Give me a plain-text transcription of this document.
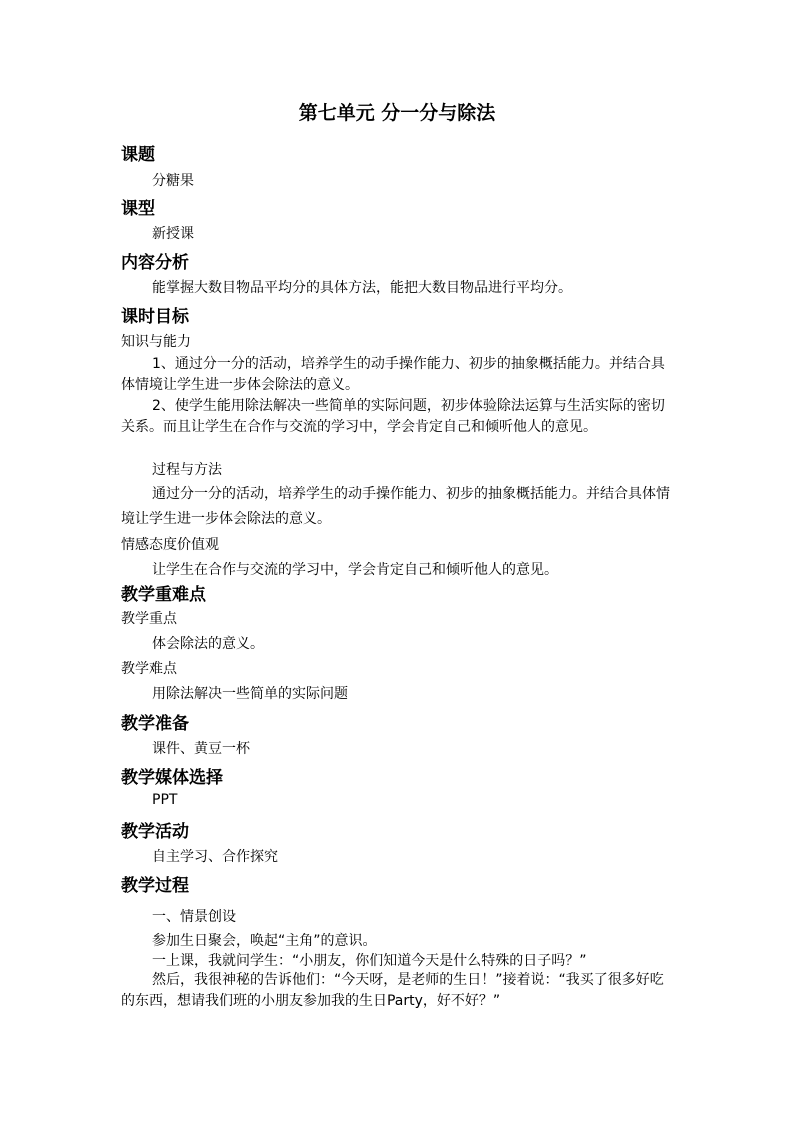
第七单元 分一分与除法
课题
分糖果
课型
新授课
内容分析
能掌握大数目物品平均分的具体方法，能把大数目物品进行平均分。
课时目标
知识与能力
1、通过分一分的活动，培养学生的动手操作能力、初步的抽象概括能力。并结合具体情境让学生进一步体会除法的意义。
2、使学生能用除法解决一些简单的实际问题，初步体验除法运算与生活实际的密切关系。而且让学生在合作与交流的学习中，学会肯定自己和倾听他人的意见。
过程与方法
通过分一分的活动，培养学生的动手操作能力、初步的抽象概括能力。并结合具体情境让学生进一步体会除法的意义。
情感态度价值观
让学生在合作与交流的学习中，学会肯定自己和倾听他人的意见。
教学重难点
教学重点
体会除法的意义。
教学难点
用除法解决一些简单的实际问题
教学准备
课件、黄豆一杯
教学媒体选择
PPT
教学活动
自主学习、合作探究
教学过程
一、情景创设
参加生日聚会，唤起“主角”的意识。
一上课，我就问学生：“小朋友，你们知道今天是什么特殊的日子吗？”
然后，我很神秘的告诉他们：“今天呀，是老师的生日！”接着说：“我买了很多好吃的东西，想请我们班的小朋友参加我的生日Party，好不好？”
